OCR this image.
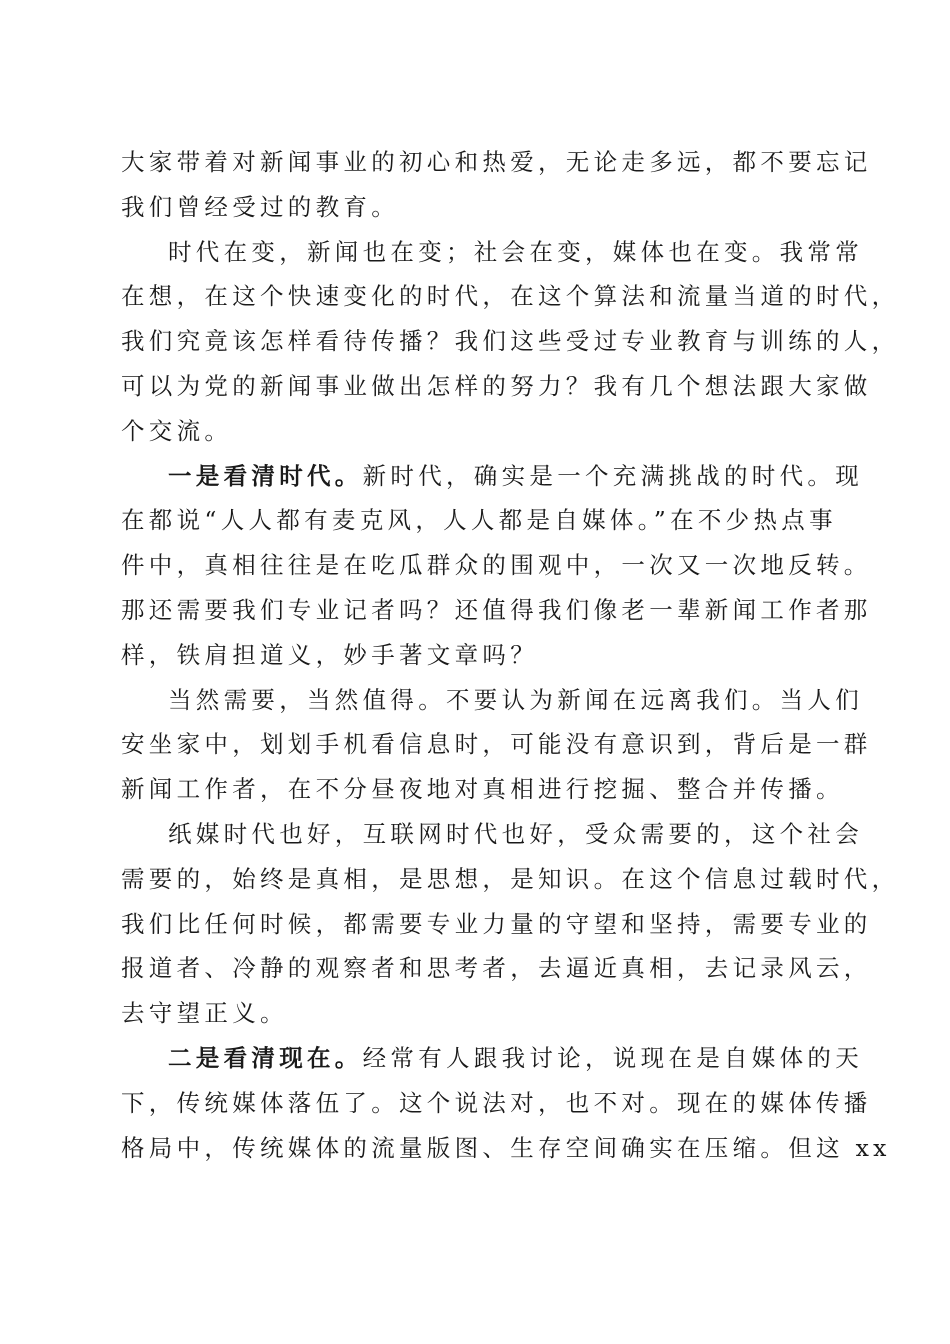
大家带着对新闻事业的初心和热爱，无论走多远，都不要忘记
我们曾经受过的教育。
时代在变，新闻也在变；社会在变，媒体也在变。我常常
在想，在这个快速变化的时代，在这个算法和流量当道的时代，
我们究竟该怎样看待传播？我们这些受过专业教育与训练的人，
可以为党的新闻事业做出怎样的努力？我有几个想法跟大家做
个交流。
一是看清时代。新时代，确实是一个充满挑战的时代。现
在都说“人人都有麦克风，人人都是自媒体。”在不少热点事
件中，真相往往是在吃瓜群众的围观中，一次又一次地反转。
那还需要我们专业记者吗？还值得我们像老一辈新闻工作者那
样，铁肩担道义，妙手著文章吗？
当然需要，当然值得。不要认为新闻在远离我们。当人们
安坐家中，划划手机看信息时，可能没有意识到，背后是一群
新闻工作者，在不分昼夜地对真相进行挖掘、整合并传播。
纸媒时代也好，互联网时代也好，受众需要的，这个社会
需要的，始终是真相，是思想，是知识。在这个信息过载时代，
我们比任何时候，都需要专业力量的守望和坚持，需要专业的
报道者、冷静的观察者和思考者，去逼近真相，去记录风云，
去守望正义。
二是看清现在。经常有人跟我讨论，说现在是自媒体的天
下，传统媒体落伍了。这个说法对，也不对。现在的媒体传播
格局中，传统媒体的流量版图、生存空间确实在压缩。但这 xx
